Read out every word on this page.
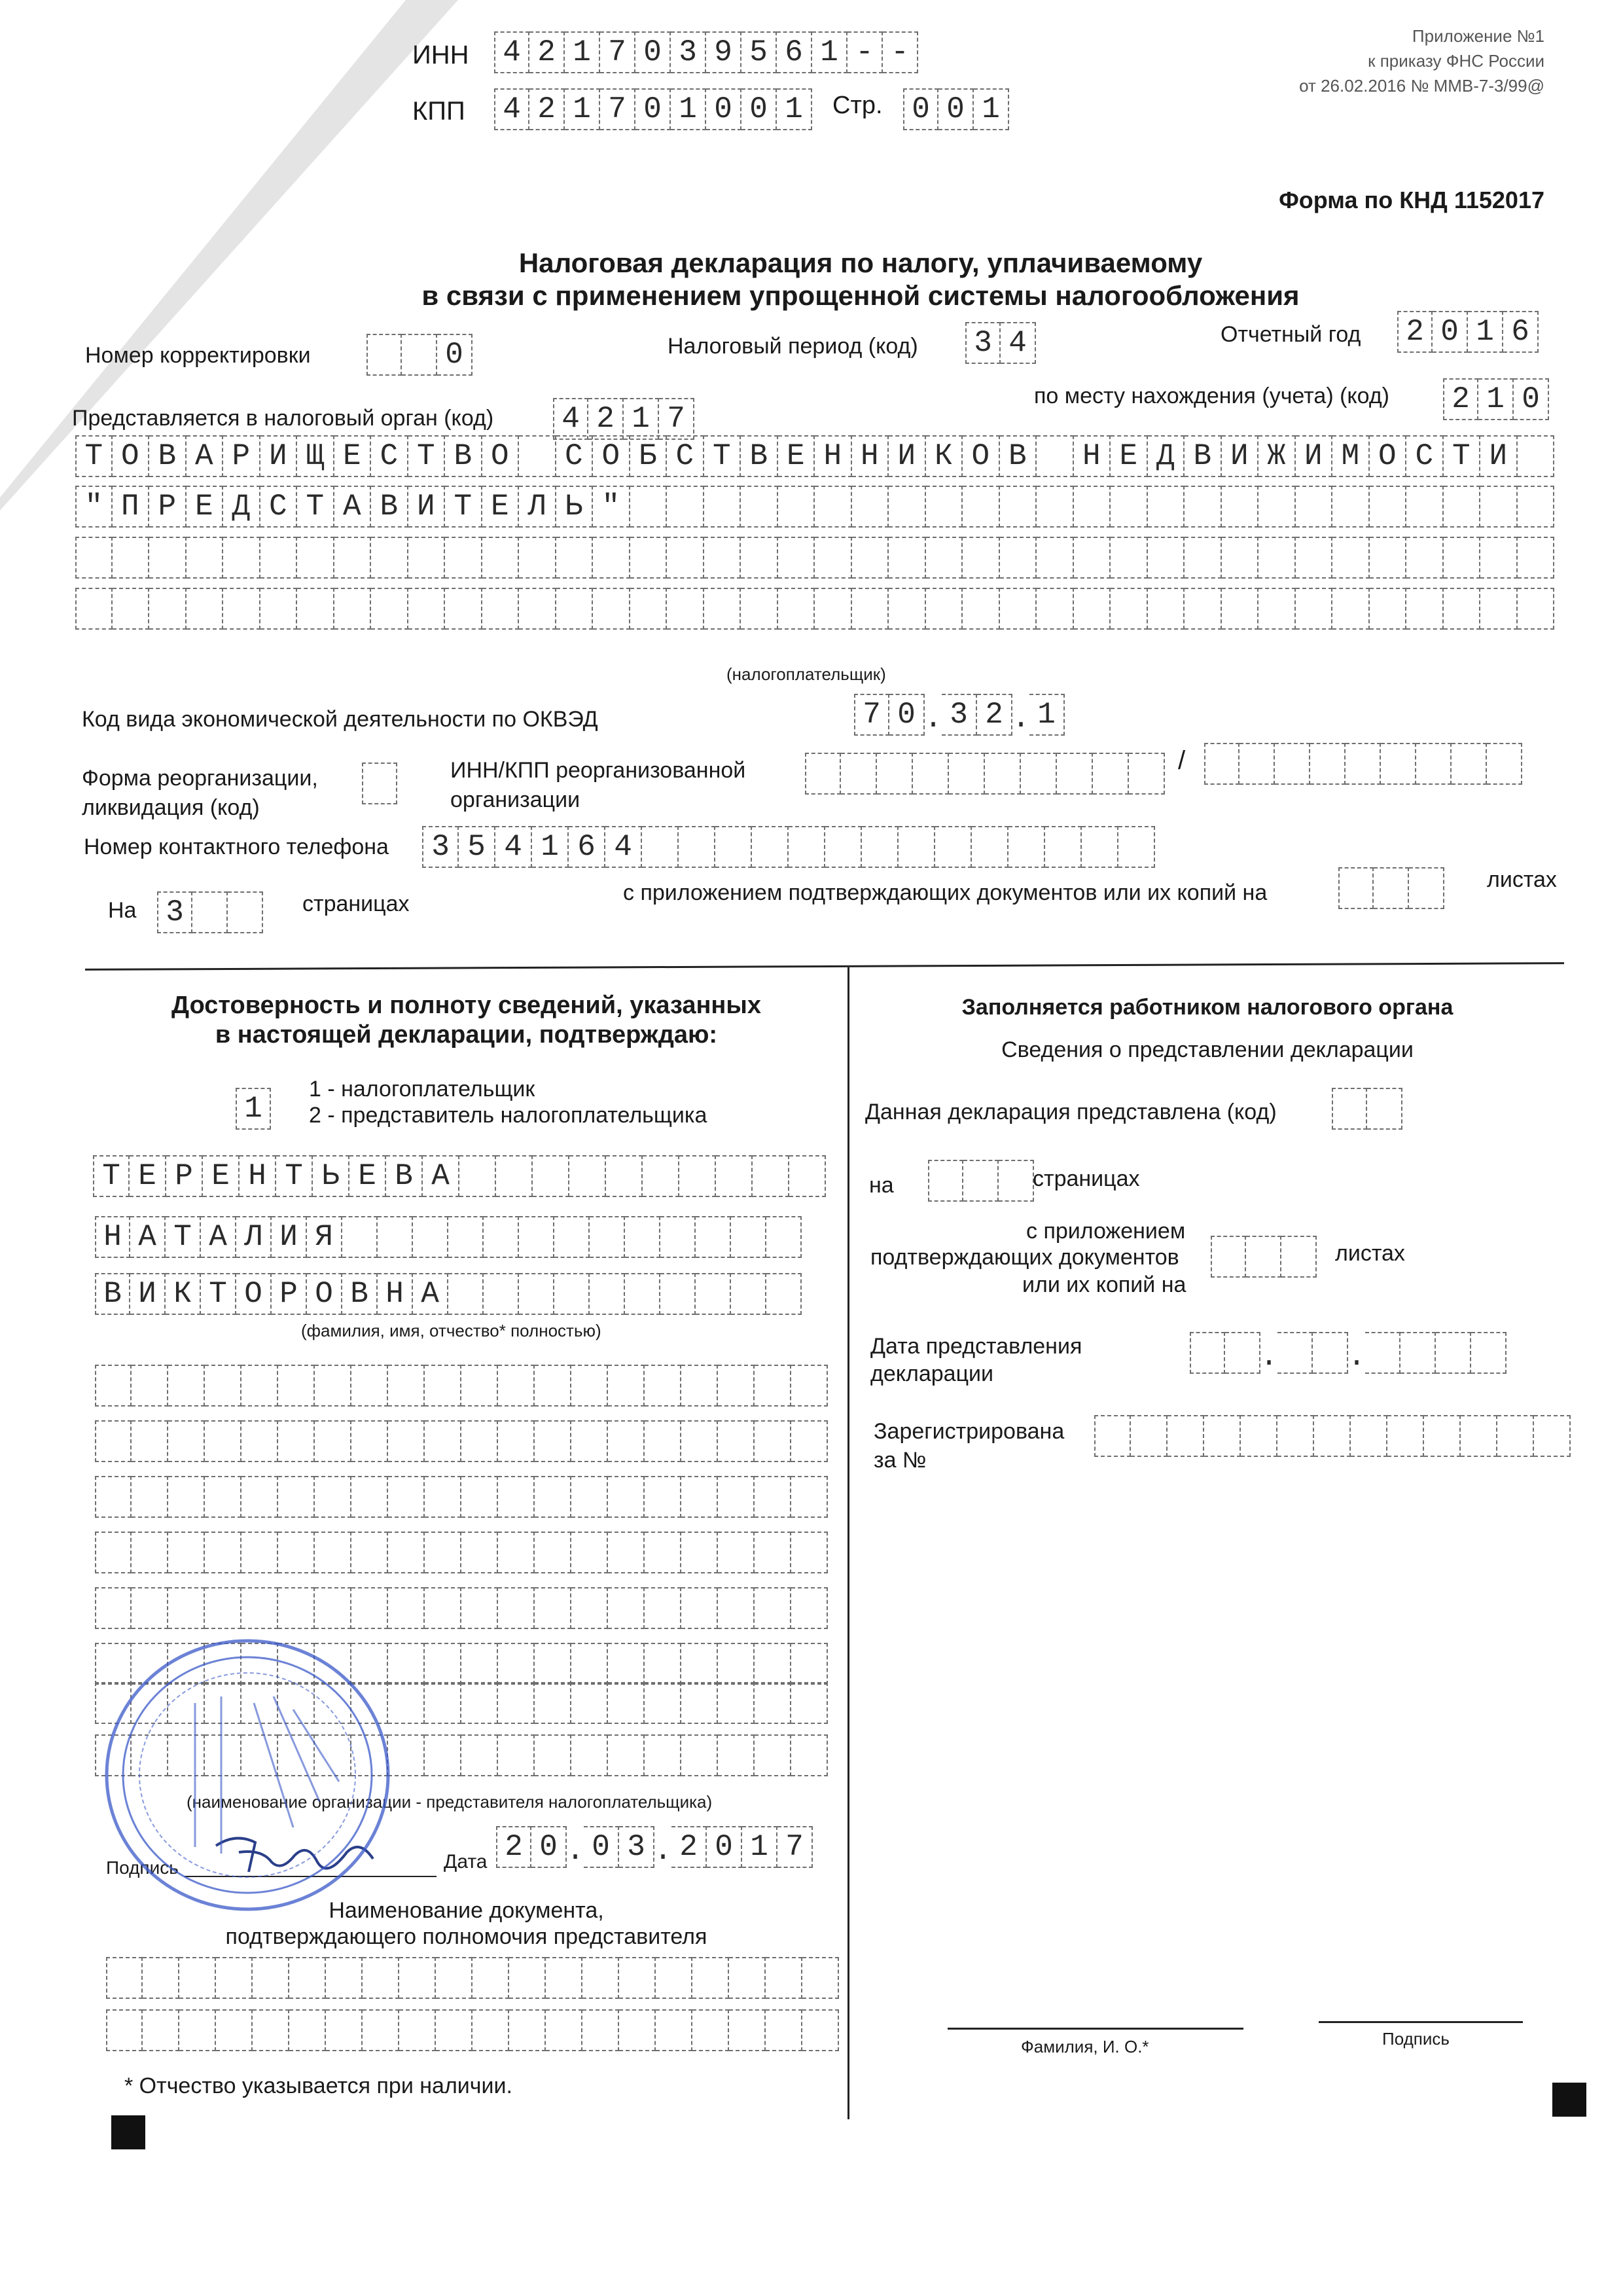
ИНН 4 2 1 7 0 3 9 5 6 1 - -
КПП 4 2 1 7 0 1 0 0 1	Стр. 0 0 1
Приложение №1
к приказу ФНС России
от 26.02.2016 № ММВ-7-3/99@
Форма по КНД 1152017
Налоговая декларация по налогу, уплачиваемому
в связи с применением упрощенной системы налогообложения
Номер корректировки	0	Налоговый период (код) 3 4	Отчетный год 2 0 1 6
Представляется в налоговый орган (код) 4 2 1 7
по месту нахождения (учета) (код) 2 1 0
Т О В А Р И Щ Е С Т В О	С О Б С Т В Е Н Н И К О В	Н Е Д В И Ж И М О С Т И
" П Р Е Д С Т А В И Т Е Л Ь "
(налогоплательщик)
Код вида экономической деятельности по ОКВЭД	7 0 . 3 2 . 1
Форма реорганизации,
ликвидация (код)
ИНН/КПП реорганизованной
организации
/
Номер контактного телефона	3 5 4 1 6 4
На 3	страницах	с приложением подтверждающих документов или их копий на
листах
Достоверность и полноту сведений, указанных
в настоящей декларации, подтверждаю:
1
1 - налогоплательщик
2 - представитель налогоплательщика
Т Е Р Е Н Т Ь Е В А
Н А Т А Л И Я
В И К Т О Р О В Н А
(фамилия, имя, отчество* полностью)
(наименование организации - представителя налогоплательщика)
Подпись	Дата 2 0 . 0 3 . 2 0 1 7
Наименование документа,
подтверждающего полномочия представителя
* Отчество указывается при наличии.
Заполняется работником налогового органа
Сведения о представлении декларации
Данная декларация представлена (код)
на	страницах
с приложением
подтверждающих документов
или их копий на
листах
Дата представления
декларации	. .
Зарегистрирована
за №
Фамилия, И. О.*	Подпись
